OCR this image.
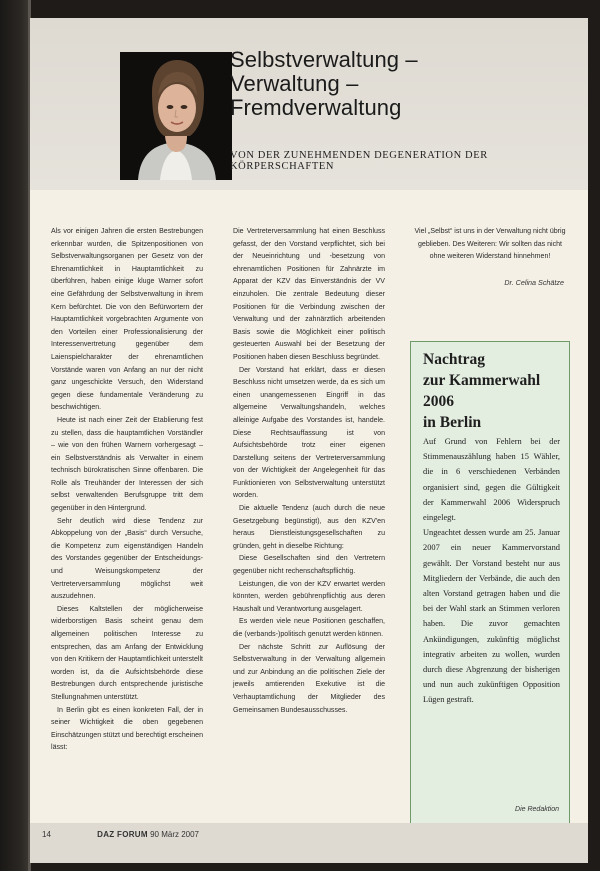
Selbstverwaltung –
Verwaltung –
Fremdverwaltung
VON DER ZUNEHMENDEN DEGENERATION DER KÖRPERSCHAFTEN

Als vor einigen Jahren die ersten Bestrebungen erkennbar wurden, die Spitzenpositionen von Selbstverwaltungsorganen per Gesetz von der Ehrenamtlichkeit in Hauptamtlichkeit zu überführen, haben einige kluge Warner sofort eine Gefährdung der Selbstverwaltung in ihrem Kern befürchtet. Die von den Befürwortern der Hauptamtlichkeit vorgebrachten Argumente von den Vorteilen einer Professionalisierung der Interessenvertretung gegenüber dem Laienspielcharakter der ehrenamtlichen Vorstände waren von Anfang an nur der nicht ganz ungeschickte Versuch, den Widerstand gegen diese fundamentale Veränderung zu beschwichtigen.

Heute ist nach einer Zeit der Etablierung fest zu stellen, dass die hauptamtlichen Vorständler – wie von den frühen Warnern vorhergesagt – ein Selbstverständnis als Verwalter in einem technisch bürokratischen Sinne offenbaren. Die Rolle als Treuhänder der Interessen der sich selbst verwaltenden Berufsgruppe tritt dem gegenüber in den Hintergrund.

Sehr deutlich wird diese Tendenz zur Abkoppelung von der „Basis“ durch Versuche, die Kompetenz zum eigenständigen Handeln des Vorstandes gegenüber der Entscheidungs- und Weisungskompetenz der Vertreterversammlung möglichst weit auszudehnen.

Dieses Kaltstellen der möglicherweise widerborstigen Basis scheint genau dem allgemeinen politischen Interesse zu entsprechen, das am Anfang der Entwicklung von den Kritikern der Hauptamtlichkeit unterstellt worden ist, da die Aufsichtsbehörde diese Bestrebungen durch entsprechende juristische Stellungnahmen unterstützt.

In Berlin gibt es einen konkreten Fall, der in seiner Wichtigkeit die oben gegebenen Einschätzungen stützt und berechtigt erscheinen lässt:

Die Vertreterversammlung hat einen Beschluss gefasst, der den Vorstand verpflichtet, sich bei der Neueinrichtung und -besetzung von ehrenamtlichen Positionen für Zahnärzte im Apparat der KZV das Einverständnis der VV einzuholen. Die zentrale Bedeutung dieser Positionen für die Verbindung zwischen der Verwaltung und der zahnärztlich arbeitenden Basis sowie die Möglichkeit einer politisch gesteuerten Auswahl bei der Besetzung der Positionen haben diesen Beschluss begründet.

Der Vorstand hat erklärt, dass er diesen Beschluss nicht umsetzen werde, da es sich um einen unangemessenen Eingriff in das allgemeine Verwaltungshandeln, welches alleinige Aufgabe des Vorstandes ist, handele. Diese Rechtsauffassung ist von Aufsichtsbehörde trotz einer eigenen Darstellung seitens der Vertreterversammlung von der Wichtigkeit der Angelegenheit für das Funktionieren von Selbstverwaltung unterstützt worden.

Die aktuelle Tendenz (auch durch die neue Gesetzgebung begünstigt), aus den KZV'en heraus Dienstleistungsgesellschaften zu gründen, geht in dieselbe Richtung:

Diese Gesellschaften sind den Vertretern gegenüber nicht rechenschaftspflichtig.

Leistungen, die von der KZV erwartet werden könnten, werden gebührenpflichtig aus deren Haushalt und Verantwortung ausgelagert.

Es werden viele neue Positionen geschaffen, die (verbands-)politisch genutzt werden können.

Der nächste Schritt zur Auflösung der Selbstverwaltung in der Verwaltung allgemein und zur Anbindung an die politischen Ziele der jeweils amtierenden Exekutive ist die Verhauptamtlichung der Mitglieder des Gemeinsamen Bundesausschusses.

Viel „Selbst“ ist uns in der Verwaltung nicht übrig geblieben. Des Weiteren: Wir sollten das nicht ohne weiteren Widerstand hinnehmen!

Dr. Celina Schätze
Nachtrag
zur Kammerwahl 2006
in Berlin

Auf Grund von Fehlern bei der Stimmenauszählung haben 15 Wähler, die in 6 verschiedenen Verbänden organisiert sind, gegen die Gültigkeit der Kammerwahl 2006 Widerspruch eingelegt.

Ungeachtet dessen wurde am 25. Januar 2007 ein neuer Kammervorstand gewählt. Der Vorstand besteht nur aus Mitgliedern der Verbände, die auch den alten Vorstand getragen haben und die bei der Wahl stark an Stimmen verloren haben. Die zuvor gemachten Ankündigungen, zukünftig möglichst integrativ arbeiten zu wollen, wurden durch diese Abgrenzung der bisherigen und nun auch zukünftigen Opposition Lügen gestraft.

Die Redaktion
14	DAZ FORUM 90 März 2007
